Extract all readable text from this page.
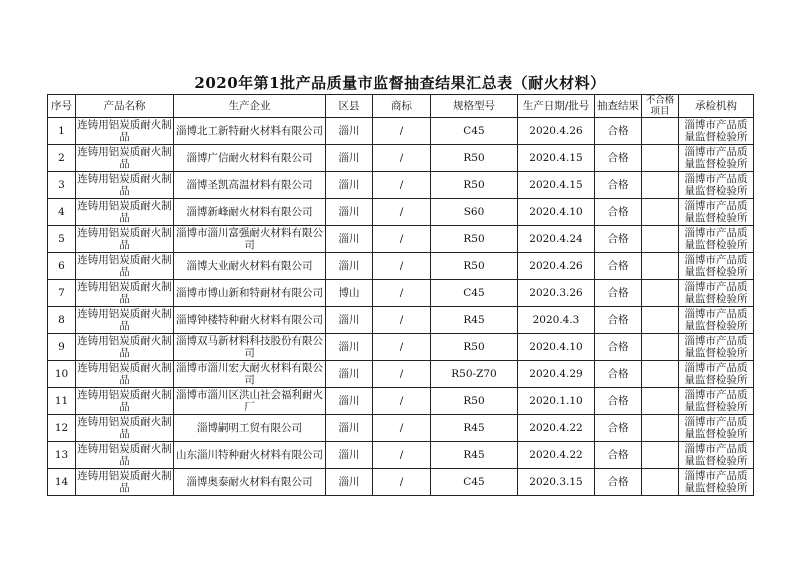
2020年第1批产品质量市监督抽查结果汇总表（耐火材料）
序号	产品名称	生产企业	区县	商标	规格型号	生产日期/批号	抽查结果	不合格项目	承检机构
1	连铸用铝炭质耐火制品	淄博北工新特耐火材料有限公司	淄川	/	C45	2020.4.26	合格		淄博市产品质量监督检验所
2	连铸用铝炭质耐火制品	淄博广信耐火材料有限公司	淄川	/	R50	2020.4.15	合格		淄博市产品质量监督检验所
3	连铸用铝炭质耐火制品	淄博圣凯高温材料有限公司	淄川	/	R50	2020.4.15	合格		淄博市产品质量监督检验所
4	连铸用铝炭质耐火制品	淄博新峰耐火材料有限公司	淄川	/	S60	2020.4.10	合格		淄博市产品质量监督检验所
5	连铸用铝炭质耐火制品	淄博市淄川富强耐火材料有限公司	淄川	/	R50	2020.4.24	合格		淄博市产品质量监督检验所
6	连铸用铝炭质耐火制品	淄博大业耐火材料有限公司	淄川	/	R50	2020.4.26	合格		淄博市产品质量监督检验所
7	连铸用铝炭质耐火制品	淄博市博山新和特耐材有限公司	博山	/	C45	2020.3.26	合格		淄博市产品质量监督检验所
8	连铸用铝炭质耐火制品	淄博钟楼特种耐火材料有限公司	淄川	/	R45	2020.4.3	合格		淄博市产品质量监督检验所
9	连铸用铝炭质耐火制品	淄博双马新材料科技股份有限公司	淄川	/	R50	2020.4.10	合格		淄博市产品质量监督检验所
10	连铸用铝炭质耐火制品	淄博市淄川宏大耐火材料有限公司	淄川	/	R50-Z70	2020.4.29	合格		淄博市产品质量监督检验所
11	连铸用铝炭质耐火制品	淄博市淄川区洪山社会福利耐火厂	淄川	/	R50	2020.1.10	合格		淄博市产品质量监督检验所
12	连铸用铝炭质耐火制品	淄博嗣明工贸有限公司	淄川	/	R45	2020.4.22	合格		淄博市产品质量监督检验所
13	连铸用铝炭质耐火制品	山东淄川特种耐火材料有限公司	淄川	/	R45	2020.4.22	合格		淄博市产品质量监督检验所
14	连铸用铝炭质耐火制品	淄博奥泰耐火材料有限公司	淄川	/	C45	2020.3.15	合格		淄博市产品质量监督检验所
